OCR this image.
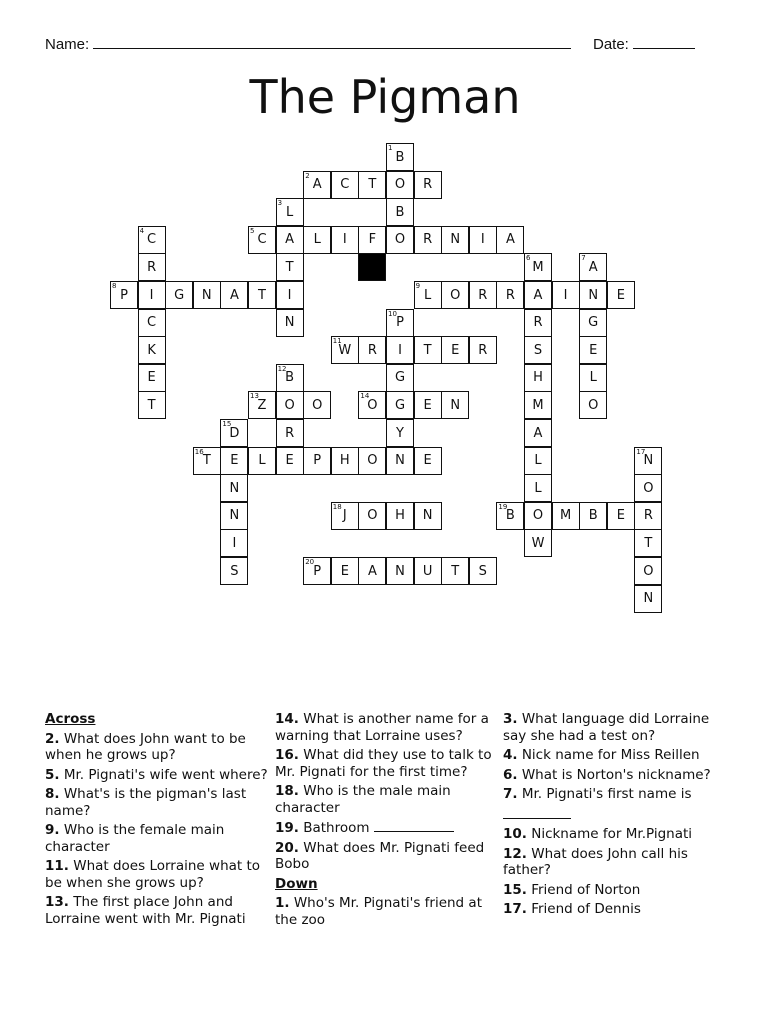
Name:	Date:
The Pigman
2
A	C	T	O	R
5
C	A	L	I	F	O	R	N	I	A
8
P	I	G	N	A	T	I
9
L	O	R	R	A	I	N	E
11
W	R	I	T	E	R
13
Z	O	O
14
O	G	E	N
16
T	E	L	E	P	H	O	N	E
18
J	O	H	N
19
B	O	M	B	E	R
20
P	E	A	N	U	T	S
1
B
B
3
L
T
N
4
C
R
C
K
E
T
6
M
R
S
H
M
A
L
L
W
7
A
G
E
L
O
10
P
G
Y
12
B
R
15
D
N
N
I
S
17
N
O
T
O
N
Across
2. What does John want to be when he grows up?
5. Mr. Pignati's wife went where?
8. What's is the pigman's last name?
9. Who is the female main character
11. What does Lorraine what to be when she grows up?
13. The first place John and Lorraine went with Mr. Pignati
14. What is another name for a warning that Lorraine uses?
16. What did they use to talk to Mr. Pignati for the first time?
18. Who is the male main character
19. Bathroom
20. What does Mr. Pignati feed Bobo
Down
1. Who's Mr. Pignati's friend at the zoo
3. What language did Lorraine say she had a test on?
4. Nick name for Miss Reillen
6. What is Norton's nickname?
7. Mr. Pignati's first name is

10. Nickname for Mr.Pignati
12. What does John call his father?
15. Friend of Norton
17. Friend of Dennis
